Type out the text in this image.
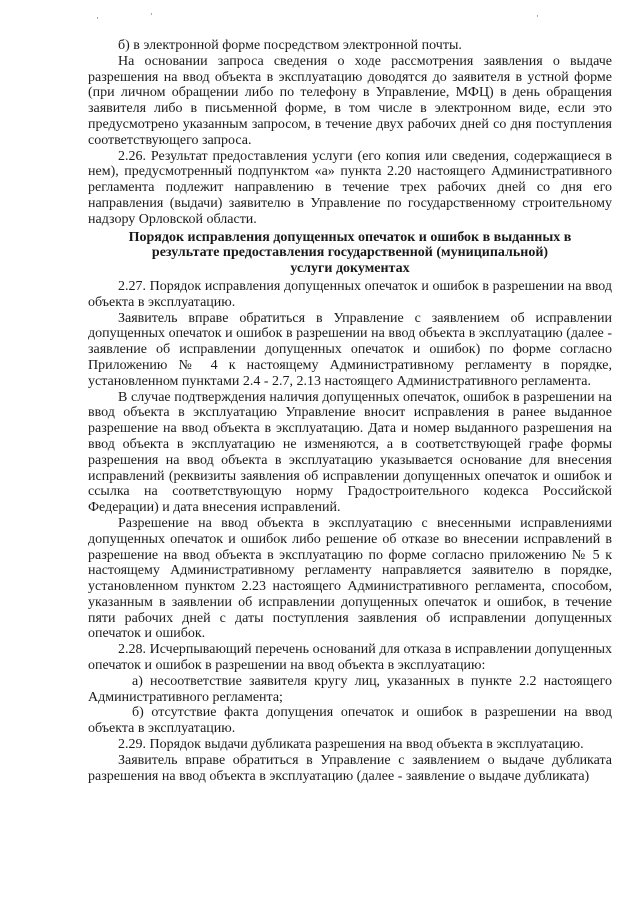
·	·	·

б) в электронной форме посредством электронной почты.

На основании запроса сведения о ходе рассмотрения заявления о выдаче разрешения на ввод объекта в эксплуатацию доводятся до заявителя в устной форме (при личном обращении либо по телефону в Управление, МФЦ) в день обращения заявителя либо в письменной форме, в том числе в электронном виде, если это предусмотрено указанным запросом, в течение двух рабочих дней со дня поступления соответствующего запроса.

2.26. Результат предоставления услуги (его копия или сведения, содержащиеся в нем), предусмотренный подпунктом «а» пункта 2.20 настоящего Административного регламента подлежит направлению в течение трех рабочих дней со дня его направления (выдачи) заявителю в Управление по государственному строительному надзору Орловской области.

Порядок исправления допущенных опечаток и ошибок в выданных в
результате предоставления государственной (муниципальной)
услуги документах

2.27. Порядок исправления допущенных опечаток и ошибок в разрешении на ввод объекта в эксплуатацию.

Заявитель вправе обратиться в Управление с заявлением об исправлении допущенных опечаток и ошибок в разрешении на ввод объекта в эксплуатацию (далее - заявление об исправлении допущенных опечаток и ошибок) по форме согласно Приложению № 4 к настоящему Административному регламенту в порядке, установленном пунктами 2.4 - 2.7, 2.13 настоящего Административного регламента.

В случае подтверждения наличия допущенных опечаток, ошибок в разрешении на ввод объекта в эксплуатацию Управление вносит исправления в ранее выданное разрешение на ввод объекта в эксплуатацию. Дата и номер выданного разрешения на ввод объекта в эксплуатацию не изменяются, а в соответствующей графе формы разрешения на ввод объекта в эксплуатацию указывается основание для внесения исправлений (реквизиты заявления об исправлении допущенных опечаток и ошибок и ссылка на соответствующую норму Градостроительного кодекса Российской Федерации) и дата внесения исправлений.

Разрешение на ввод объекта в эксплуатацию с внесенными исправлениями допущенных опечаток и ошибок либо решение об отказе во внесении исправлений в разрешение на ввод объекта в эксплуатацию по форме согласно приложению № 5 к настоящему Административному регламенту направляется заявителю в порядке, установленном пунктом 2.23 настоящего Административного регламента, способом, указанным в заявлении об исправлении допущенных опечаток и ошибок, в течение пяти рабочих дней с даты поступления заявления об исправлении допущенных опечаток и ошибок.

2.28. Исчерпывающий перечень оснований для отказа в исправлении допущенных опечаток и ошибок в разрешении на ввод объекта в эксплуатацию:

а) несоответствие заявителя кругу лиц, указанных в пункте 2.2 настоящего Административного регламента;

б) отсутствие факта допущения опечаток и ошибок в разрешении на ввод объекта в эксплуатацию.

2.29. Порядок выдачи дубликата разрешения на ввод объекта в эксплуатацию.

Заявитель вправе обратиться в Управление с заявлением о выдаче дубликата разрешения на ввод объекта в эксплуатацию (далее - заявление о выдаче дубликата)
